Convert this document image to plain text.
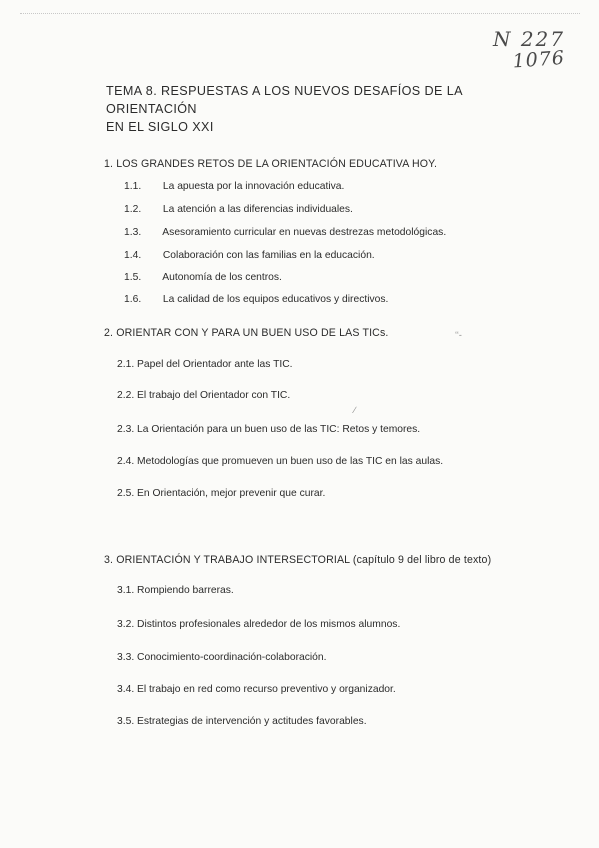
N 227
1076
TEMA 8. RESPUESTAS A LOS NUEVOS DESAFÍOS DE LA ORIENTACIÓN
EN EL SIGLO XXI
1. LOS GRANDES RETOS DE LA ORIENTACIÓN EDUCATIVA HOY.
1.1. La apuesta por la innovación educativa.
1.2. La atención a las diferencias individuales.
1.3. Asesoramiento curricular en nuevas destrezas metodológicas.
1.4. Colaboración con las familias en la educación.
1.5. Autonomía de los centros.
1.6. La calidad de los equipos educativos y directivos.
2. ORIENTAR CON Y PARA UN BUEN USO DE LAS TICs.	‘‘-
2.1. Papel del Orientador ante las TIC.
2.2. El trabajo del Orientador con TIC.
∕
2.3. La Orientación para un buen uso de las TIC: Retos y temores.
2.4. Metodologías que promueven un buen uso de las TIC en las aulas.
2.5. En Orientación, mejor prevenir que curar.
3. ORIENTACIÓN Y TRABAJO INTERSECTORIAL (capítulo 9 del libro de texto)
3.1. Rompiendo barreras.
3.2. Distintos profesionales alrededor de los mismos alumnos.
3.3. Conocimiento-coordinación-colaboración.
3.4. El trabajo en red como recurso preventivo y organizador.
3.5. Estrategias de intervención y actitudes favorables.
